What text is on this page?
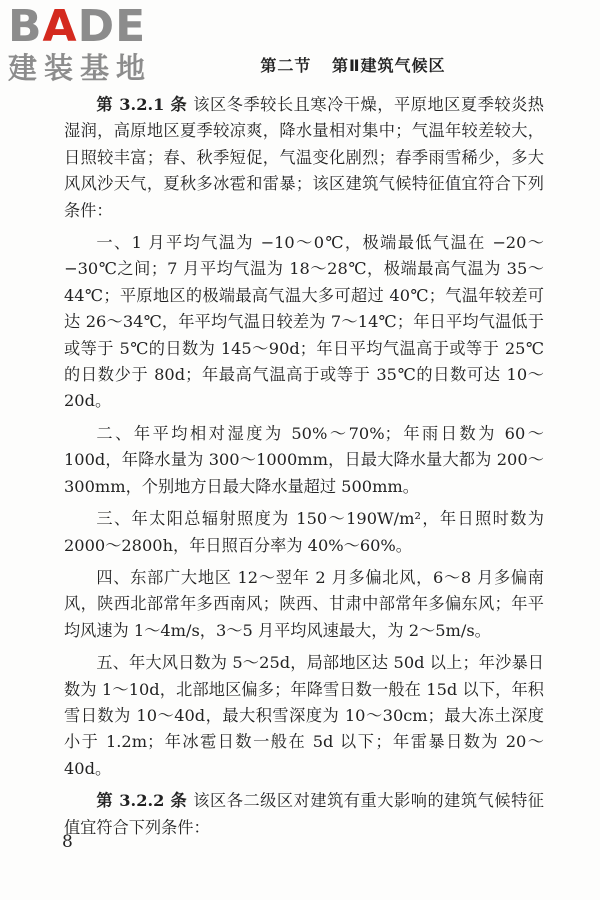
BADE
建装基地	第二节 第Ⅱ建筑气候区

第 3.2.1 条 该区冬季较长且寒冷干燥，平原地区夏季较炎热湿润，高原地区夏季较凉爽，降水量相对集中；气温年较差较大，日照较丰富；春、秋季短促，气温变化剧烈；春季雨雪稀少，多大风风沙天气，夏秋多冰雹和雷暴；该区建筑气候特征值宜符合下列条件：

一、1 月平均气温为 −10～0℃，极端最低气温在 −20～−30℃之间；7 月平均气温为 18～28℃，极端最高气温为 35～44℃；平原地区的极端最高气温大多可超过 40℃；气温年较差可达 26～34℃，年平均气温日较差为 7～14℃；年日平均气温低于或等于 5℃的日数为 145～90d；年日平均气温高于或等于 25℃的日数少于 80d；年最高气温高于或等于 35℃的日数可达 10～20d。

二、年平均相对湿度为 50%～70%；年雨日数为 60～100d，年降水量为 300～1000mm，日最大降水量大都为 200～300mm，个别地方日最大降水量超过 500mm。

三、年太阳总辐射照度为 150～190W/m²，年日照时数为 2000～2800h，年日照百分率为 40%～60%。

四、东部广大地区 12～翌年 2 月多偏北风，6～8 月多偏南风，陕西北部常年多西南风；陕西、甘肃中部常年多偏东风；年平均风速为 1～4m/s，3～5 月平均风速最大，为 2～5m/s。

五、年大风日数为 5～25d，局部地区达 50d 以上；年沙暴日数为 1～10d，北部地区偏多；年降雪日数一般在 15d 以下，年积雪日数为 10～40d，最大积雪深度为 10～30cm；最大冻土深度小于 1.2m；年冰雹日数一般在 5d 以下；年雷暴日数为 20～40d。

第 3.2.2 条 该区各二级区对建筑有重大影响的建筑气候特征值宜符合下列条件：

8
